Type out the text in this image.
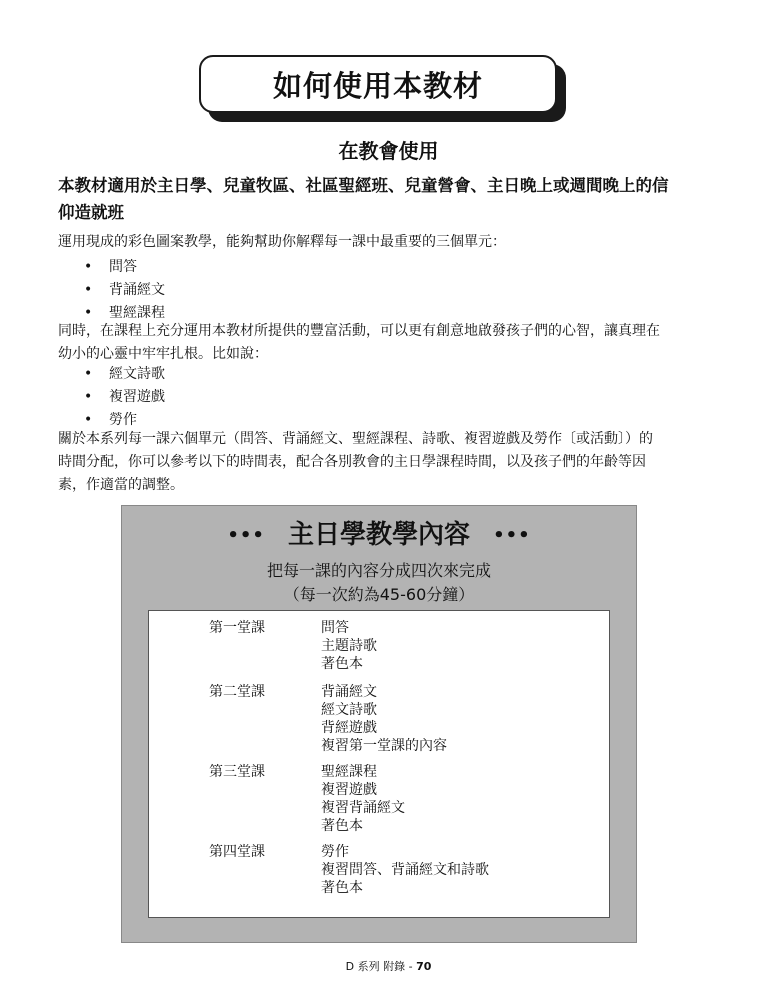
如何使用本教材
在教會使用
本教材適用於主日學、兒童牧區、社區聖經班、兒童營會、主日晚上或週間晚上的信
仰造就班
運用現成的彩色圖案教學，能夠幫助你解釋每一課中最重要的三個單元：
• 問答
• 背誦經文
• 聖經課程
同時，在課程上充分運用本教材所提供的豐富活動，可以更有創意地啟發孩子們的心智，讓真理在
幼小的心靈中牢牢扎根。比如說：
• 經文詩歌
• 複習遊戲
• 勞作
關於本系列每一課六個單元（問答、背誦經文、聖經課程、詩歌、複習遊戲及勞作〔或活動〕）的
時間分配，你可以參考以下的時間表，配合各別教會的主日學課程時間，以及孩子們的年齡等因
素，作適當的調整。
••• 主日學教學內容 •••
把每一課的內容分成四次來完成
（每一次約為45-60分鐘）
第一堂課	問答
主題詩歌
著色本
第二堂課	背誦經文
經文詩歌
背經遊戲
複習第一堂課的內容
第三堂課	聖經課程
複習遊戲
複習背誦經文
著色本
第四堂課	勞作
複習問答、背誦經文和詩歌
著色本
D 系列 附錄 - 70
